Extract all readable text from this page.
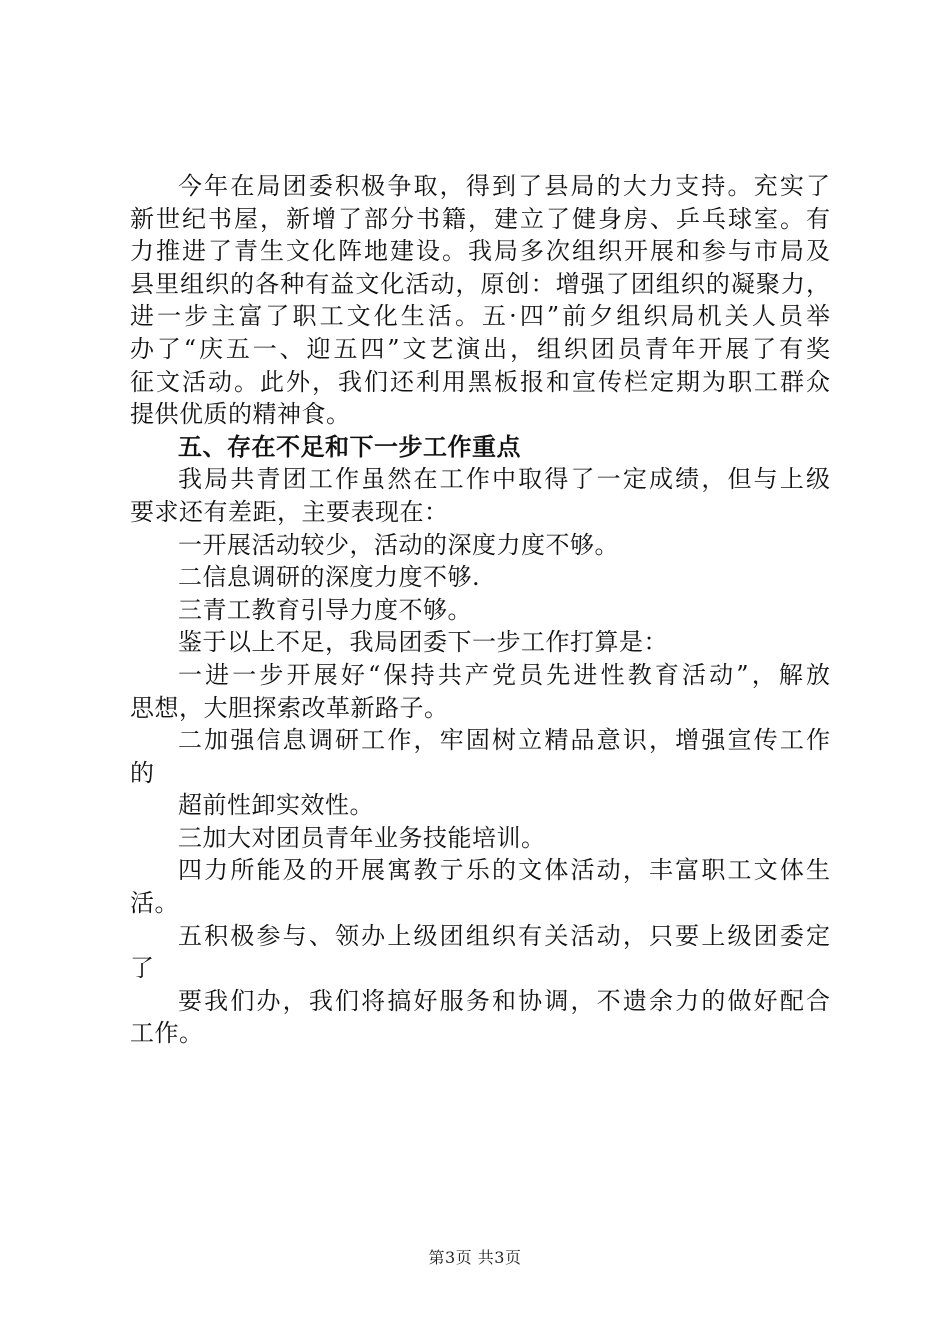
今年在局团委积极争取，得到了县局的大力支持。充实了
新世纪书屋，新增了部分书籍，建立了健身房、乒乓球室。有
力推进了青生文化阵地建设。我局多次组织开展和参与市局及
县里组织的各种有益文化活动，原创：增强了团组织的凝聚力，
进一步主富了职工文化生活。五·四”前夕组织局机关人员举
办了“庆五一、迎五四”文艺演出，组织团员青年开展了有奖
征文活动。此外，我们还利用黑板报和宣传栏定期为职工群众
提供优质的精神食。
五、存在不足和下一步工作重点
我局共青团工作虽然在工作中取得了一定成绩，但与上级
要求还有差距，主要表现在：
一开展活动较少，活动的深度力度不够。
二信息调研的深度力度不够.
三青工教育引导力度不够。
鉴于以上不足，我局团委下一步工作打算是：
一进一步开展好“保持共产党员先进性教育活动”，解放
思想，大胆探索改革新路子。
二加强信息调研工作，牢固树立精品意识，增强宣传工作
的
超前性卸实效性。
三加大对团员青年业务技能培训。
四力所能及的开展寓教亍乐的文体活动，丰富职工文体生
活。
五积极参与、领办上级团组织有关活动，只要上级团委定
了
要我们办，我们将搞好服务和协调，不遗余力的做好配合
工作。
第3页 共3页
